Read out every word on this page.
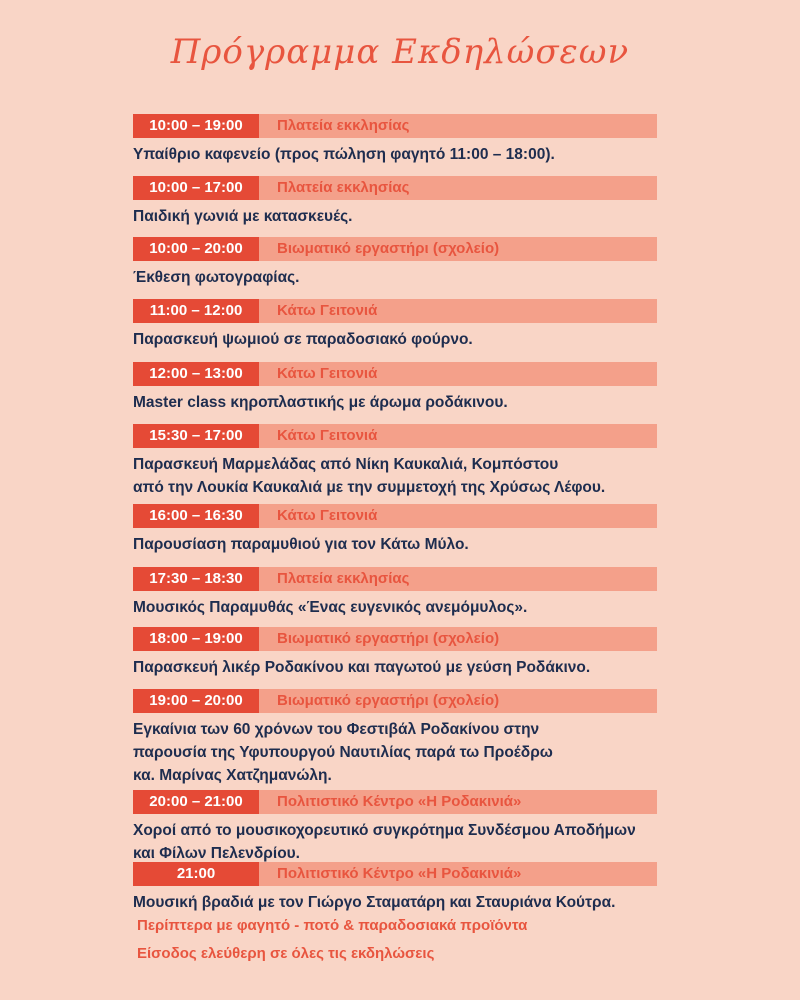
Πρόγραμμα Εκδηλώσεων
10:00 – 19:00	Πλατεία εκκλησίας
Υπαίθριο καφενείο (προς πώληση φαγητό 11:00 – 18:00).
10:00 – 17:00	Πλατεία εκκλησίας
Παιδική γωνιά με κατασκευές.
10:00 – 20:00	Βιωματικό εργαστήρι (σχολείο)
Έκθεση φωτογραφίας.
11:00 – 12:00	Κάτω Γειτονιά
Παρασκευή ψωμιού σε παραδοσιακό φούρνο.
12:00 – 13:00	Κάτω Γειτονιά
Master class κηροπλαστικής με άρωμα ροδάκινου.
15:30 – 17:00	Κάτω Γειτονιά
Παρασκευή Μαρμελάδας από Νίκη Καυκαλιά, Κομπόστου
από την Λουκία Καυκαλιά με την συμμετοχή της Χρύσως Λέφου.
16:00 – 16:30	Κάτω Γειτονιά
Παρουσίαση παραμυθιού για τον Κάτω Μύλο.
17:30 – 18:30	Πλατεία εκκλησίας
Μουσικός Παραμυθάς «Ένας ευγενικός ανεμόμυλος».
18:00 – 19:00	Βιωματικό εργαστήρι (σχολείο)
Παρασκευή λικέρ Ροδακίνου και παγωτού με γεύση Ροδάκινο.
19:00 – 20:00	Βιωματικό εργαστήρι (σχολείο)
Εγκαίνια των 60 χρόνων του Φεστιβάλ Ροδακίνου στην
παρουσία της Υφυπουργού Ναυτιλίας παρά τω Προέδρω
κα. Μαρίνας Χατζημανώλη.
20:00 – 21:00	Πολιτιστικό Κέντρο «Η Ροδακινιά»
Χοροί από το μουσικοχορευτικό συγκρότημα Συνδέσμου Αποδήμων
και Φίλων Πελενδρίου.
21:00	Πολιτιστικό Κέντρο «Η Ροδακινιά»
Μουσική βραδιά με τον Γιώργο Σταματάρη και Σταυριάνα Κούτρα.
Περίπτερα με φαγητό - ποτό & παραδοσιακά προϊόντα
Είσοδος ελεύθερη σε όλες τις εκδηλώσεις
